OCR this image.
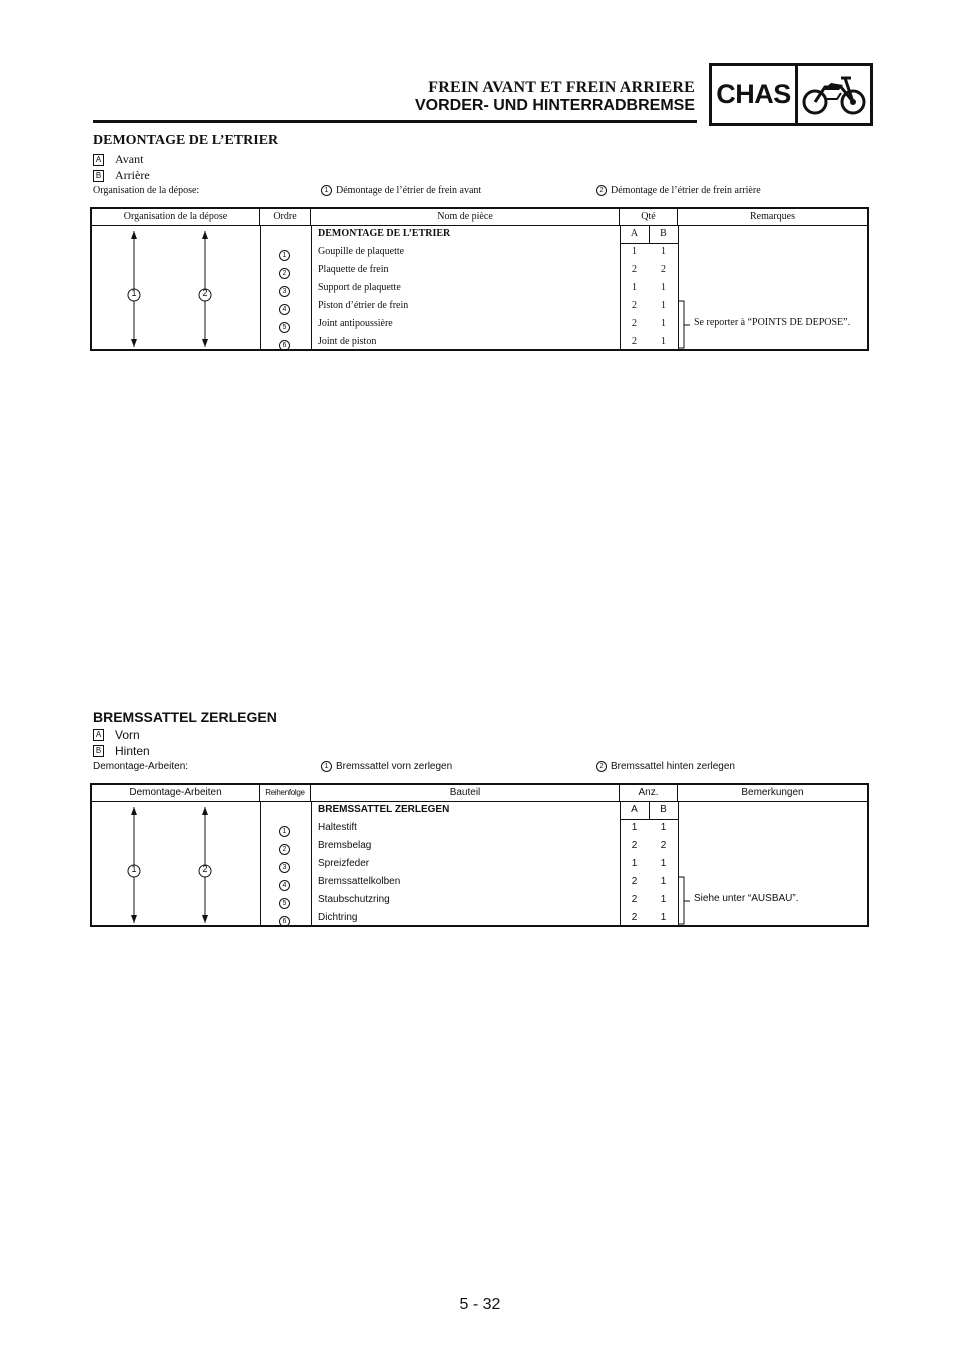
FREIN AVANT ET FREIN ARRIERE
VORDER- UND HINTERRADBREMSE CHAS
DEMONTAGE DE L’ETRIER
A Avant
B Arrière
Organisation de la dépose:	1 Démontage de l’étrier de frein avant	2 Démontage de l’étrier de frein arrière
Organisation de la dépose	Ordre	Nom de pièce	Qté	Remarques
1	2
DEMONTAGE DE L’ETRIER	A	B
1	Goupille de plaquette	1	1
2	Plaquette de frein	2	2
3	Support de plaquette	1	1
4	Piston d’étrier de frein	2	1
5	Joint antipoussière	2	1
6	Joint de piston	2	1
Se reporter à “POINTS DE DEPOSE”.
BREMSSATTEL ZERLEGEN
A Vorn
B Hinten
Demontage-Arbeiten:	1 Bremssattel vorn zerlegen	2 Bremssattel hinten zerlegen
Demontage-Arbeiten	Reihenfolge	Bauteil	Anz.	Bemerkungen
1	2
BREMSSATTEL ZERLEGEN	A	B
1	Haltestift	1	1
2	Bremsbelag	2	2
3	Spreizfeder	1	1
4	Bremssattelkolben	2	1
5	Staubschutzring	2	1
6	Dichtring	2	1
Siehe unter “AUSBAU”.
5 - 32
